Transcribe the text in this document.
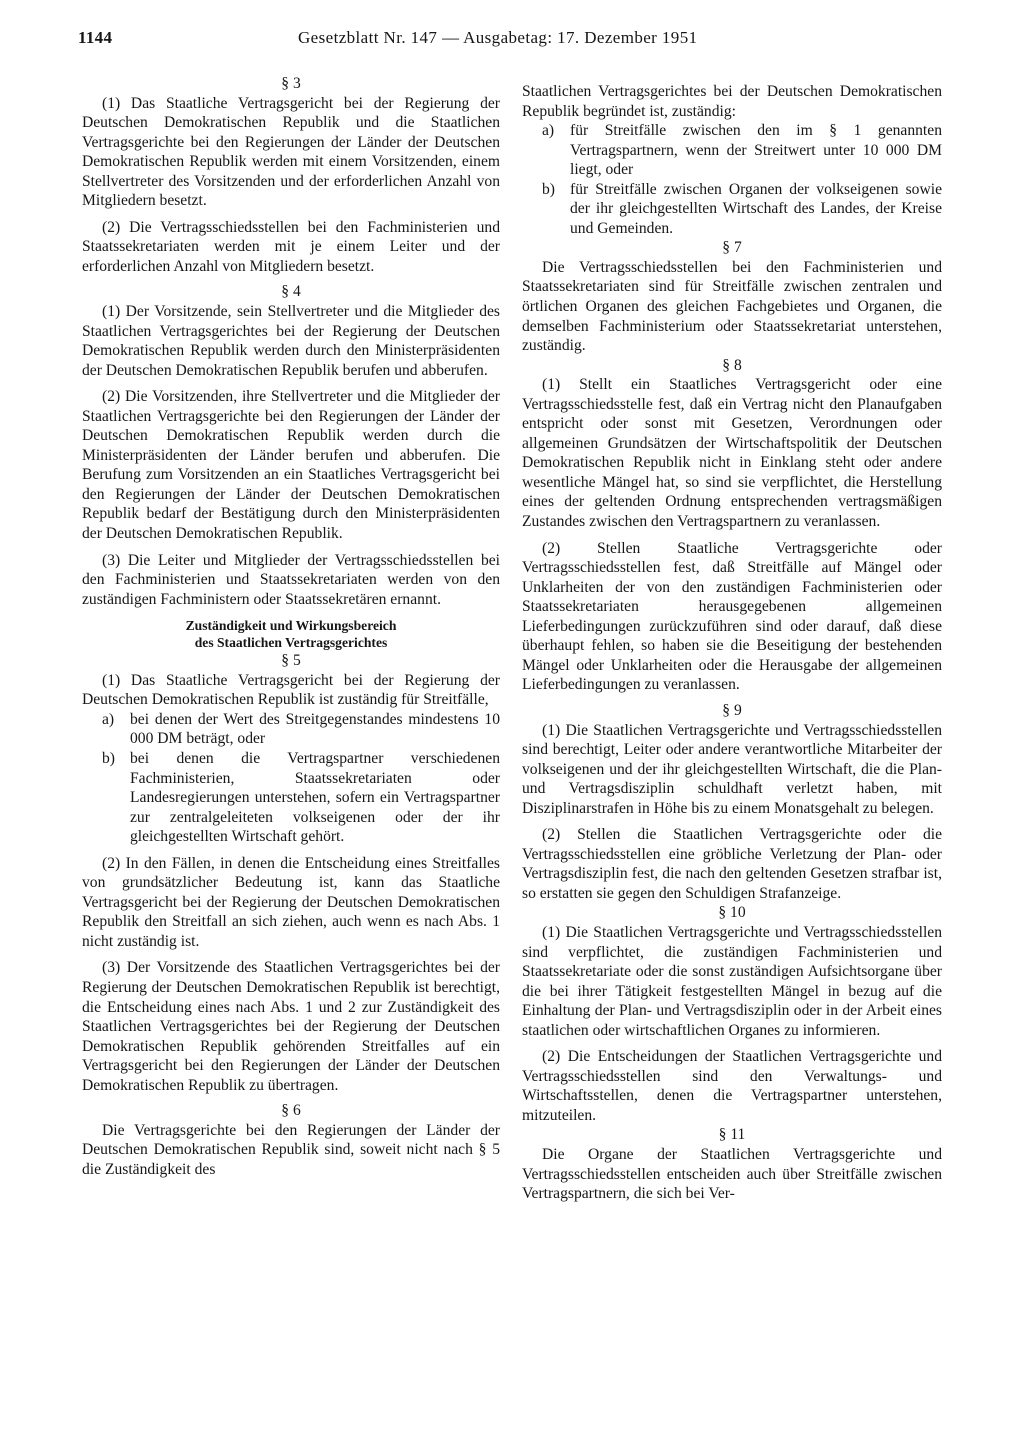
1144	Gesetzblatt Nr. 147 — Ausgabetag: 17. Dezember 1951

§ 3

(1) Das Staatliche Vertragsgericht bei der Regierung der Deutschen Demokratischen Republik und die Staatlichen Vertragsgerichte bei den Regierungen der Länder der Deutschen Demokratischen Republik werden mit einem Vorsitzenden, einem Stellvertreter des Vorsitzenden und der erforderlichen Anzahl von Mitgliedern besetzt.

(2) Die Vertragsschiedsstellen bei den Fachministerien und Staatssekretariaten werden mit je einem Leiter und der erforderlichen Anzahl von Mitgliedern besetzt.

§ 4

(1) Der Vorsitzende, sein Stellvertreter und die Mitglieder des Staatlichen Vertragsgerichtes bei der Regierung der Deutschen Demokratischen Republik werden durch den Ministerpräsidenten der Deutschen Demokratischen Republik berufen und abberufen.

(2) Die Vorsitzenden, ihre Stellvertreter und die Mitglieder der Staatlichen Vertragsgerichte bei den Regierungen der Länder der Deutschen Demokratischen Republik werden durch die Ministerpräsidenten der Länder berufen und abberufen. Die Berufung zum Vorsitzenden an ein Staatliches Vertragsgericht bei den Regierungen der Länder der Deutschen Demokratischen Republik bedarf der Bestätigung durch den Ministerpräsidenten der Deutschen Demokratischen Republik.

(3) Die Leiter und Mitglieder der Vertragsschiedsstellen bei den Fachministerien und Staatssekretariaten werden von den zuständigen Fachministern oder Staatssekretären ernannt.

Zuständigkeit und Wirkungsbereich
des Staatlichen Vertragsgerichtes

§ 5

(1) Das Staatliche Vertragsgericht bei der Regierung der Deutschen Demokratischen Republik ist zuständig für Streitfälle,

a) bei denen der Wert des Streitgegenstandes mindestens 10 000 DM beträgt, oder
b) bei denen die Vertragspartner verschiedenen Fachministerien, Staatssekretariaten oder Landesregierungen unterstehen, sofern ein Vertragspartner zur zentralgeleiteten volkseigenen oder der ihr gleichgestellten Wirtschaft gehört.

(2) In den Fällen, in denen die Entscheidung eines Streitfalles von grundsätzlicher Bedeutung ist, kann das Staatliche Vertragsgericht bei der Regierung der Deutschen Demokratischen Republik den Streitfall an sich ziehen, auch wenn es nach Abs. 1 nicht zuständig ist.

(3) Der Vorsitzende des Staatlichen Vertragsgerichtes bei der Regierung der Deutschen Demokratischen Republik ist berechtigt, die Entscheidung eines nach Abs. 1 und 2 zur Zuständigkeit des Staatlichen Vertragsgerichtes bei der Regierung der Deutschen Demokratischen Republik gehörenden Streitfalles auf ein Vertragsgericht bei den Regierungen der Länder der Deutschen Demokratischen Republik zu übertragen.

§ 6

Die Vertragsgerichte bei den Regierungen der Länder der Deutschen Demokratischen Republik sind, soweit nicht nach § 5 die Zuständigkeit des

Staatlichen Vertragsgerichtes bei der Deutschen Demokratischen Republik begründet ist, zuständig:

a) für Streitfälle zwischen den im § 1 genannten Vertragspartnern, wenn der Streitwert unter 10 000 DM liegt, oder
b) für Streitfälle zwischen Organen der volkseigenen sowie der ihr gleichgestellten Wirtschaft des Landes, der Kreise und Gemeinden.

§ 7

Die Vertragsschiedsstellen bei den Fachministerien und Staatssekretariaten sind für Streitfälle zwischen zentralen und örtlichen Organen des gleichen Fachgebietes und Organen, die demselben Fachministerium oder Staatssekretariat unterstehen, zuständig.

§ 8

(1) Stellt ein Staatliches Vertragsgericht oder eine Vertragsschiedsstelle fest, daß ein Vertrag nicht den Planaufgaben entspricht oder sonst mit Gesetzen, Verordnungen oder allgemeinen Grundsätzen der Wirtschaftspolitik der Deutschen Demokratischen Republik nicht in Einklang steht oder andere wesentliche Mängel hat, so sind sie verpflichtet, die Herstellung eines der geltenden Ordnung entsprechenden vertragsmäßigen Zustandes zwischen den Vertragspartnern zu veranlassen.

(2) Stellen Staatliche Vertragsgerichte oder Vertragsschiedsstellen fest, daß Streitfälle auf Mängel oder Unklarheiten der von den zuständigen Fachministerien oder Staatssekretariaten herausgegebenen allgemeinen Lieferbedingungen zurückzuführen sind oder darauf, daß diese überhaupt fehlen, so haben sie die Beseitigung der bestehenden Mängel oder Unklarheiten oder die Herausgabe der allgemeinen Lieferbedingungen zu veranlassen.

§ 9

(1) Die Staatlichen Vertragsgerichte und Vertragsschiedsstellen sind berechtigt, Leiter oder andere verantwortliche Mitarbeiter der volkseigenen und der ihr gleichgestellten Wirtschaft, die die Plan- und Vertragsdisziplin schuldhaft verletzt haben, mit Disziplinarstrafen in Höhe bis zu einem Monatsgehalt zu belegen.

(2) Stellen die Staatlichen Vertragsgerichte oder die Vertragsschiedsstellen eine gröbliche Verletzung der Plan- oder Vertragsdisziplin fest, die nach den geltenden Gesetzen strafbar ist, so erstatten sie gegen den Schuldigen Strafanzeige.

§ 10

(1) Die Staatlichen Vertragsgerichte und Vertragsschiedsstellen sind verpflichtet, die zuständigen Fachministerien und Staatssekretariate oder die sonst zuständigen Aufsichtsorgane über die bei ihrer Tätigkeit festgestellten Mängel in bezug auf die Einhaltung der Plan- und Vertragsdisziplin oder in der Arbeit eines staatlichen oder wirtschaftlichen Organes zu informieren.

(2) Die Entscheidungen der Staatlichen Vertragsgerichte und Vertragsschiedsstellen sind den Verwaltungs- und Wirtschaftsstellen, denen die Vertragspartner unterstehen, mitzuteilen.

§ 11

Die Organe der Staatlichen Vertragsgerichte und Vertragsschiedsstellen entscheiden auch über Streitfälle zwischen Vertragspartnern, die sich bei Ver-
